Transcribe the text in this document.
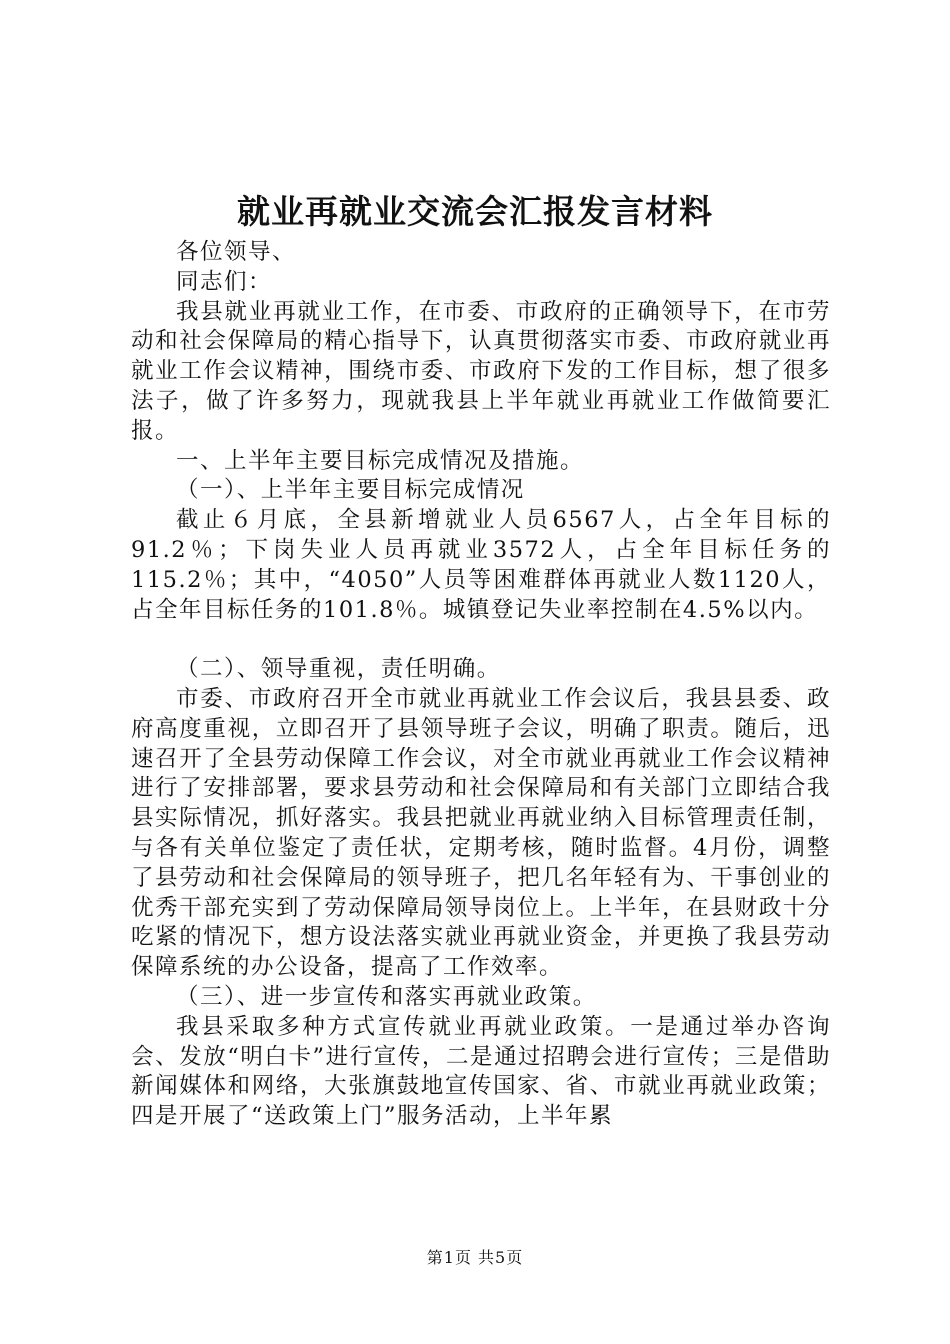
就业再就业交流会汇报发言材料

各位领导、

同志们：

我县就业再就业工作，在市委、市政府的正确领导下，在市劳动和社会保障局的精心指导下，认真贯彻落实市委、市政府就业再就业工作会议精神，围绕市委、市政府下发的工作目标，想了很多法子，做了许多努力，现就我县上半年就业再就业工作做简要汇报。

一、上半年主要目标完成情况及措施。

（一）、上半年主要目标完成情况

截止６月底，全县新增就业人员6567人，占全年目标的91.2％；下岗失业人员再就业3572人，占全年目标任务的115.2％；其中，“4050”人员等困难群体再就业人数1120人，占全年目标任务的101.8％。城镇登记失业率控制在4.5%以内。

（二）、领导重视，责任明确。

市委、市政府召开全市就业再就业工作会议后，我县县委、政府高度重视，立即召开了县领导班子会议，明确了职责。随后，迅速召开了全县劳动保障工作会议，对全市就业再就业工作会议精神进行了安排部署，要求县劳动和社会保障局和有关部门立即结合我县实际情况，抓好落实。我县把就业再就业纳入目标管理责任制，与各有关单位鉴定了责任状，定期考核，随时监督。4月份，调整了县劳动和社会保障局的领导班子，把几名年轻有为、干事创业的优秀干部充实到了劳动保障局领导岗位上。上半年，在县财政十分吃紧的情况下，想方设法落实就业再就业资金，并更换了我县劳动保障系统的办公设备，提高了工作效率。

（三）、进一步宣传和落实再就业政策。

我县采取多种方式宣传就业再就业政策。一是通过举办咨询会、发放“明白卡”进行宣传，二是通过招聘会进行宣传；三是借助新闻媒体和网络，大张旗鼓地宣传国家、省、市就业再就业政策；四是开展了“送政策上门”服务活动，上半年累

第1页 共5页
